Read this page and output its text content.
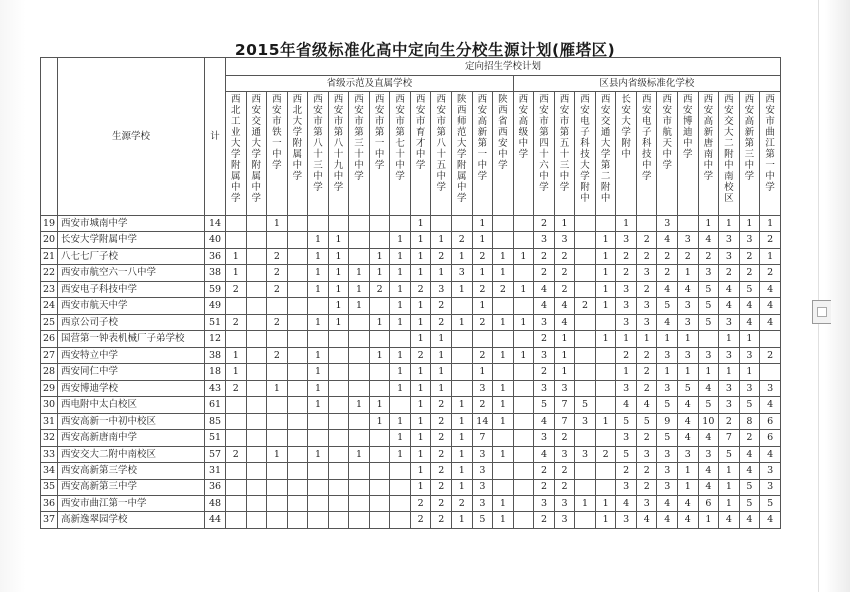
2015年省级标准化高中定向生分校生源计划(雁塔区)
	生源学校	计	定向招生学校计划																										
			省级示范及直属学校														区县内省级标准化学校												

			西北工业大学附属中学	西安交通大学附属中学	西安市铁一中学	西北大学附属中学	西安市第八十三中学	西安市第八十九中学	西安市第三十中学	西安市第一中学	西安市第七十中学	西安市育才中学	西安市第八十五中学	陕西师范大学附属中学	西安高新第一中学	陕西省西安中学	西安高级中学	西安市第四十六中学	西安市第五十三中学	西安电子科技大学附中	西安交通大学第二附中	长安大学附中	西安电子科技中学	西安市航天中学	西安博迪中学	西安高新唐南中学	西安交大二附中南校区	西安高新第三中学	西安市曲江第一中学

19	西安市城南中学	14			1							1			1			2	1			1		3		1	1	1	1
20	长安大学附属中学	40					1	1			1	1	1	2	1			3	3		1	3	2	4	3	4	3	3	2
21	八七七厂子校	36	1		2		1	1		1	1	1	2	1	2	1	1	2	2		1	2	2	2	2	2	3	2	1
22	西安市航空六一八中学	38	1		2		1	1	1	1	1	1	1	3	1	1		2	2		1	2	3	2	1	3	2	2	2
23	西安电子科技中学	59	2		2		1	1	1	2	1	2	3	1	2	2	1	4	2		1	3	2	4	4	5	4	5	4
24	西安市航天中学	49						1	1		1	1	2		1			4	4	2	1	3	3	5	3	5	4	4	4
25	西京公司子校	51	2		2		1	1		1	1	1	2	1	2	1	1	3	4			3	3	4	3	5	3	4	4
26	国营第一钟表机械厂子弟学校	12										1	1					2	1		1	1	1	1	1		1	1	
27	西安特立中学	38	1		2		1			1	1	2	1		2	1	1	3	1			2	2	3	3	3	3	3	2
28	西安同仁中学	18	1				1				1	1	1		1			2	1			1	2	1	1	1	1	1	
29	西安博迪学校	43	2		1		1				1	1	1		3	1		3	3			3	2	3	5	4	3	3	3
30	西电附中太白校区	61					1		1	1		1	2	1	2	1		5	7	5		4	4	5	4	5	3	5	4
31	西安高新一中初中校区	85								1	1	1	2	1	14	1		4	7	3	1	5	5	9	4	10	2	8	6
32	西安高新唐南中学	51									1	1	2	1	7			3	2			3	2	5	4	4	7	2	6
33	西安交大二附中南校区	57	2		1		1		1		1	1	2	1	3	1		4	3	3	2	5	3	3	3	3	5	4	4
34	西安高新第三学校	31										1	2	1	3			2	2			2	2	3	1	4	1	4	3
35	西安高新第三中学	36										1	2	1	3			2	2			3	2	3	1	4	1	5	3
36	西安市曲江第一中学	48										2	2	2	3	1		3	3	1	1	4	3	4	4	6	1	5	5
37	高新逸翠园学校	44										2	2	1	5	1		2	3		1	3	4	4	4	1	4	4	4
